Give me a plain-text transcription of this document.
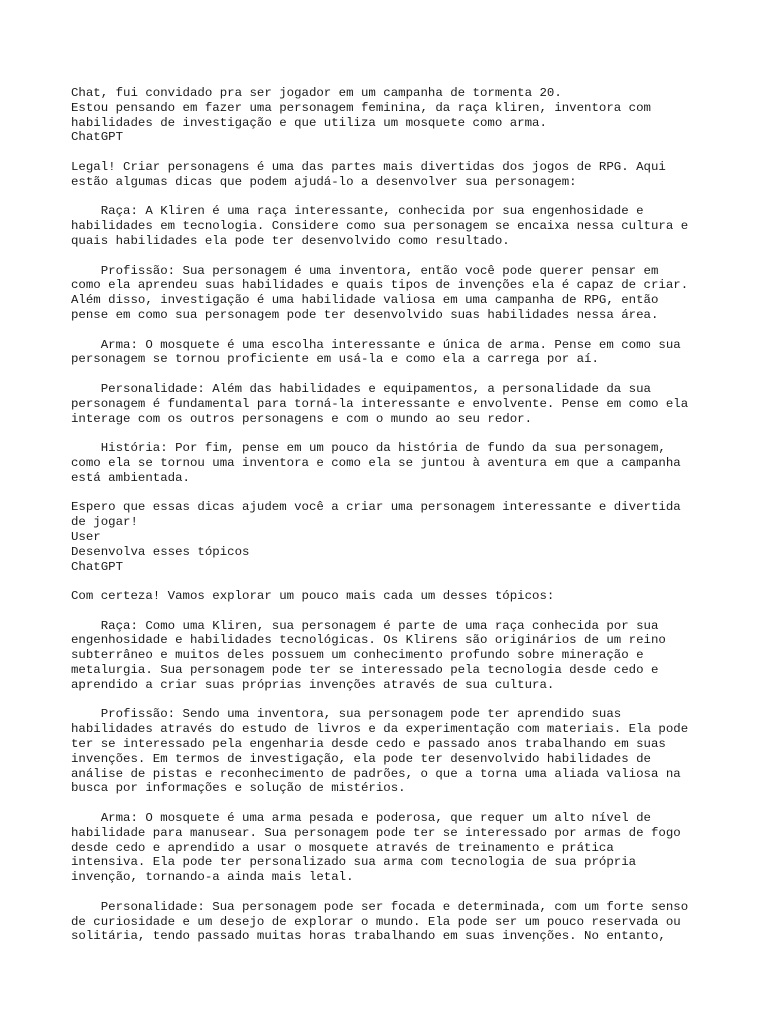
Chat, fui convidado pra ser jogador em um campanha de tormenta 20.
Estou pensando em fazer uma personagem feminina, da raça kliren, inventora com
habilidades de investigação e que utiliza um mosquete como arma.
ChatGPT
Legal! Criar personagens é uma das partes mais divertidas dos jogos de RPG. Aqui
estão algumas dicas que podem ajudá-lo a desenvolver sua personagem:
Raça: A Kliren é uma raça interessante, conhecida por sua engenhosidade e
habilidades em tecnologia. Considere como sua personagem se encaixa nessa cultura e
quais habilidades ela pode ter desenvolvido como resultado.
Profissão: Sua personagem é uma inventora, então você pode querer pensar em
como ela aprendeu suas habilidades e quais tipos de invenções ela é capaz de criar.
Além disso, investigação é uma habilidade valiosa em uma campanha de RPG, então
pense em como sua personagem pode ter desenvolvido suas habilidades nessa área.
Arma: O mosquete é uma escolha interessante e única de arma. Pense em como sua
personagem se tornou proficiente em usá-la e como ela a carrega por aí.
Personalidade: Além das habilidades e equipamentos, a personalidade da sua
personagem é fundamental para torná-la interessante e envolvente. Pense em como ela
interage com os outros personagens e com o mundo ao seu redor.
História: Por fim, pense em um pouco da história de fundo da sua personagem,
como ela se tornou uma inventora e como ela se juntou à aventura em que a campanha
está ambientada.
Espero que essas dicas ajudem você a criar uma personagem interessante e divertida
de jogar!
User
Desenvolva esses tópicos
ChatGPT
Com certeza! Vamos explorar um pouco mais cada um desses tópicos:
Raça: Como uma Kliren, sua personagem é parte de uma raça conhecida por sua
engenhosidade e habilidades tecnológicas. Os Klirens são originários de um reino
subterrâneo e muitos deles possuem um conhecimento profundo sobre mineração e
metalurgia. Sua personagem pode ter se interessado pela tecnologia desde cedo e
aprendido a criar suas próprias invenções através de sua cultura.
Profissão: Sendo uma inventora, sua personagem pode ter aprendido suas
habilidades através do estudo de livros e da experimentação com materiais. Ela pode
ter se interessado pela engenharia desde cedo e passado anos trabalhando em suas
invenções. Em termos de investigação, ela pode ter desenvolvido habilidades de
análise de pistas e reconhecimento de padrões, o que a torna uma aliada valiosa na
busca por informações e solução de mistérios.
Arma: O mosquete é uma arma pesada e poderosa, que requer um alto nível de
habilidade para manusear. Sua personagem pode ter se interessado por armas de fogo
desde cedo e aprendido a usar o mosquete através de treinamento e prática
intensiva. Ela pode ter personalizado sua arma com tecnologia de sua própria
invenção, tornando-a ainda mais letal.
Personalidade: Sua personagem pode ser focada e determinada, com um forte senso
de curiosidade e um desejo de explorar o mundo. Ela pode ser um pouco reservada ou
solitária, tendo passado muitas horas trabalhando em suas invenções. No entanto,
